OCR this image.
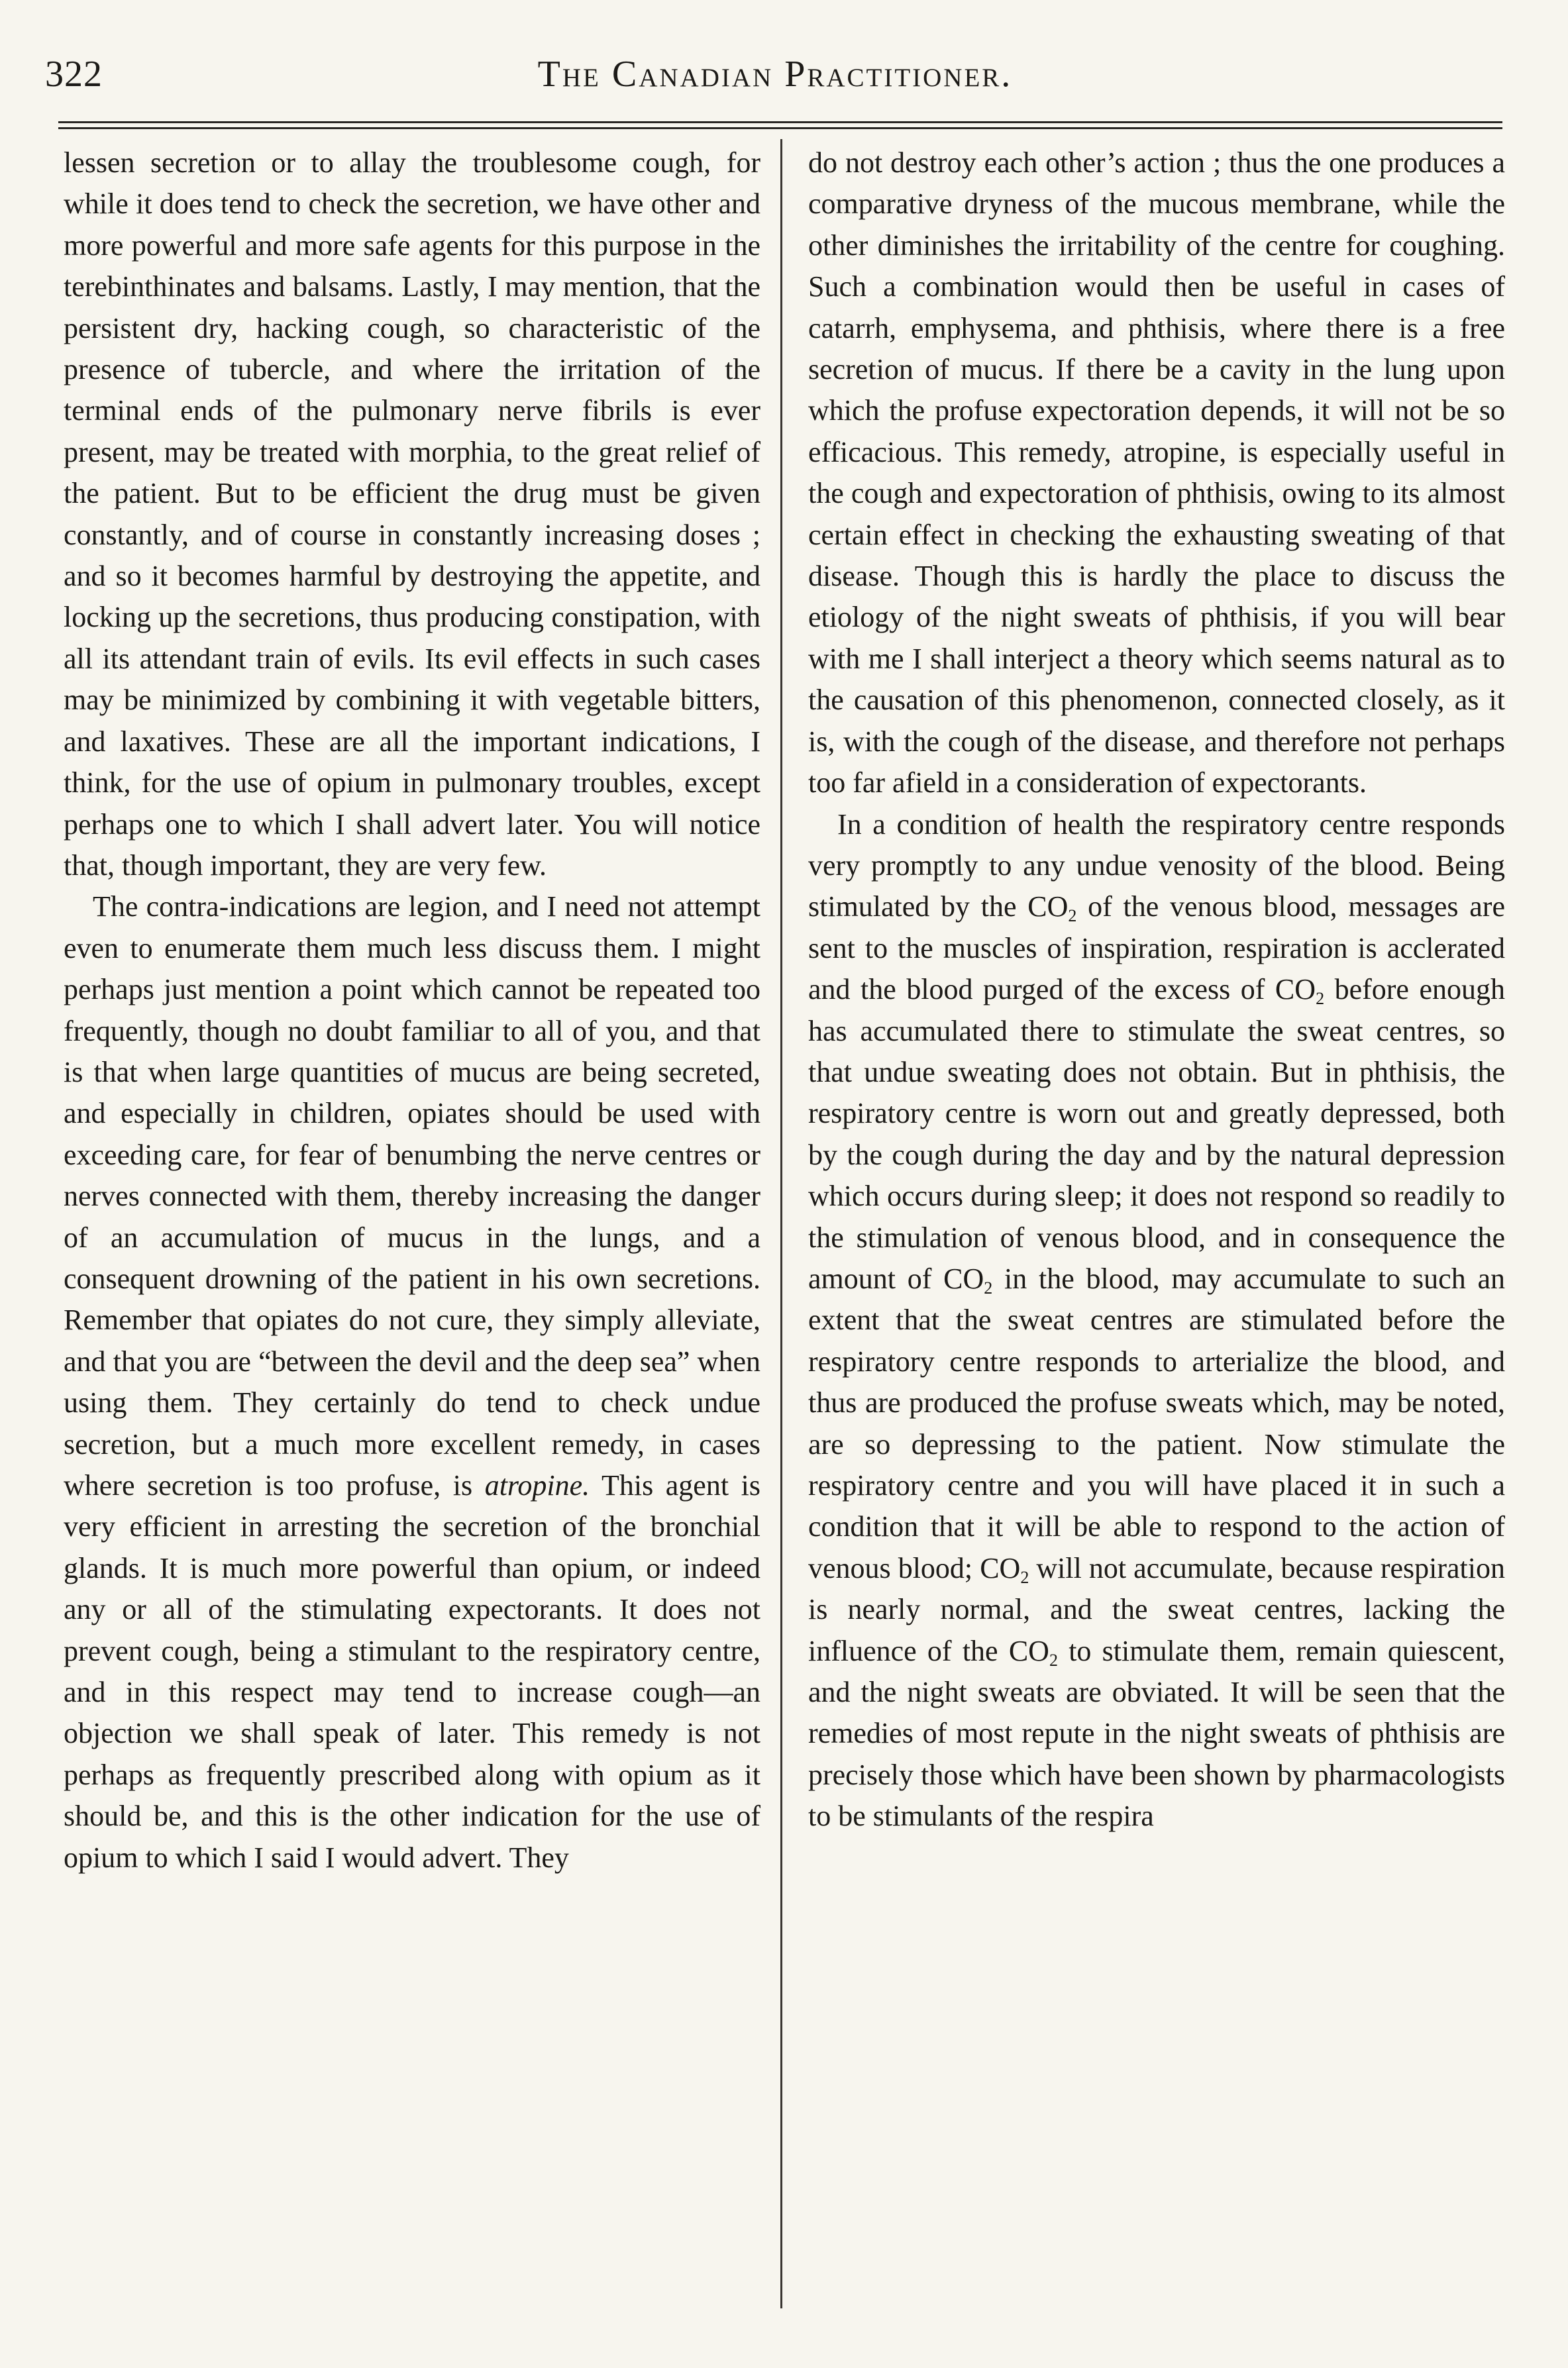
322	The Canadian Practitioner.

lessen secretion or to allay the troublesome cough, for while it does tend to check the secretion, we have other and more powerful and more safe agents for this purpose in the terebinthinates and balsams. Lastly, I may mention, that the persistent dry, hacking cough, so characteristic of the presence of tubercle, and where the irritation of the terminal ends of the pulmonary nerve fibrils is ever present, may be treated with morphia, to the great relief of the patient. But to be efficient the drug must be given constantly, and of course in constantly increasing doses ; and so it becomes harmful by destroying the appetite, and locking up the secretions, thus producing constipation, with all its attendant train of evils. Its evil effects in such cases may be minimized by combining it with vegetable bitters, and laxatives. These are all the important indications, I think, for the use of opium in pulmonary troubles, except perhaps one to which I shall advert later. You will notice that, though important, they are very few.

The contra-indications are legion, and I need not attempt even to enumerate them much less discuss them. I might perhaps just mention a point which cannot be repeated too frequently, though no doubt familiar to all of you, and that is that when large quantities of mucus are being secreted, and especially in children, opiates should be used with exceeding care, for fear of benumbing the nerve centres or nerves connected with them, thereby increasing the danger of an accumulation of mucus in the lungs, and a consequent drowning of the patient in his own secretions. Remember that opiates do not cure, they simply alleviate, and that you are “between the devil and the deep sea” when using them. They certainly do tend to check undue secretion, but a much more excellent remedy, in cases where secretion is too profuse, is atropine. This agent is very efficient in arresting the secretion of the bronchial glands. It is much more powerful than opium, or indeed any or all of the stimulating expectorants. It does not prevent cough, being a stimulant to the respiratory centre, and in this respect may tend to increase cough—an objection we shall speak of later. This remedy is not perhaps as frequently prescribed along with opium as it should be, and this is the other indication for the use of opium to which I said I would advert. They

do not destroy each other’s action ; thus the one produces a comparative dryness of the mucous membrane, while the other diminishes the irritability of the centre for coughing. Such a combination would then be useful in cases of catarrh, emphysema, and phthisis, where there is a free secretion of mucus. If there be a cavity in the lung upon which the profuse expectoration depends, it will not be so efficacious. This remedy, atropine, is especially useful in the cough and expectoration of phthisis, owing to its almost certain effect in checking the exhausting sweating of that disease. Though this is hardly the place to discuss the etiology of the night sweats of phthisis, if you will bear with me I shall interject a theory which seems natural as to the causation of this phenomenon, connected closely, as it is, with the cough of the disease, and therefore not perhaps too far afield in a consideration of expectorants.

In a condition of health the respiratory centre responds very promptly to any undue venosity of the blood. Being stimulated by the $CO_2$ of the venous blood, messages are sent to the muscles of inspiration, respiration is acclerated and the blood purged of the excess of $CO_2$ before enough has accumulated there to stimulate the sweat centres, so that undue sweating does not obtain. But in phthisis, the respiratory centre is worn out and greatly depressed, both by the cough during the day and by the natural depression which occurs during sleep; it does not respond so readily to the stimulation of venous blood, and in consequence the amount of $CO_2$ in the blood, may accumulate to such an extent that the sweat centres are stimulated before the respiratory centre responds to arterialize the blood, and thus are produced the profuse sweats which, may be noted, are so depressing to the patient. Now stimulate the respiratory centre and you will have placed it in such a condition that it will be able to respond to the action of venous blood; $CO_2$ will not accumulate, because respiration is nearly normal, and the sweat centres, lacking the influence of the $CO_2$ to stimulate them, remain quiescent, and the night sweats are obviated. It will be seen that the remedies of most repute in the night sweats of phthisis are precisely those which have been shown by pharmacologists to be stimulants of the respira
